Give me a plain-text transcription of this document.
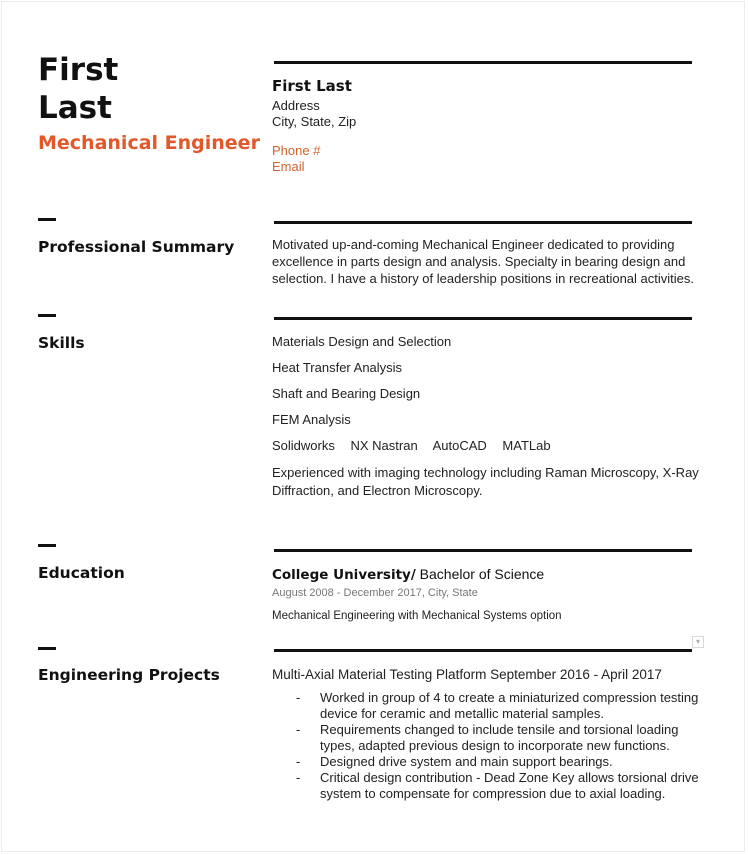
First
Last
Mechanical Engineer
First Last
Address
City, State, Zip
Phone #
Email
Professional Summary	Motivated up-and-coming Mechanical Engineer dedicated to providing excellence in parts design and analysis. Specialty in bearing design and selection. I have a history of leadership positions in recreational activities.
Skills	Materials Design and Selection
Heat Transfer Analysis
Shaft and Bearing Design
FEM Analysis
Solidworks NX Nastran AutoCAD MATLab
Experienced with imaging technology including Raman Microscopy, X-Ray Diffraction, and Electron Microscopy.
Education	College University/ Bachelor of Science
August 2008 - December 2017, City, State
Mechanical Engineering with Mechanical Systems option
Engineering Projects
▾
Multi-Axial Material Testing Platform September 2016 - April 2017
- Worked in group of 4 to create a miniaturized compression testing device for ceramic and metallic material samples.
- Requirements changed to include tensile and torsional loading types, adapted previous design to incorporate new functions.
- Designed drive system and main support bearings.
- Critical design contribution - Dead Zone Key allows torsional drive system to compensate for compression due to axial loading.
